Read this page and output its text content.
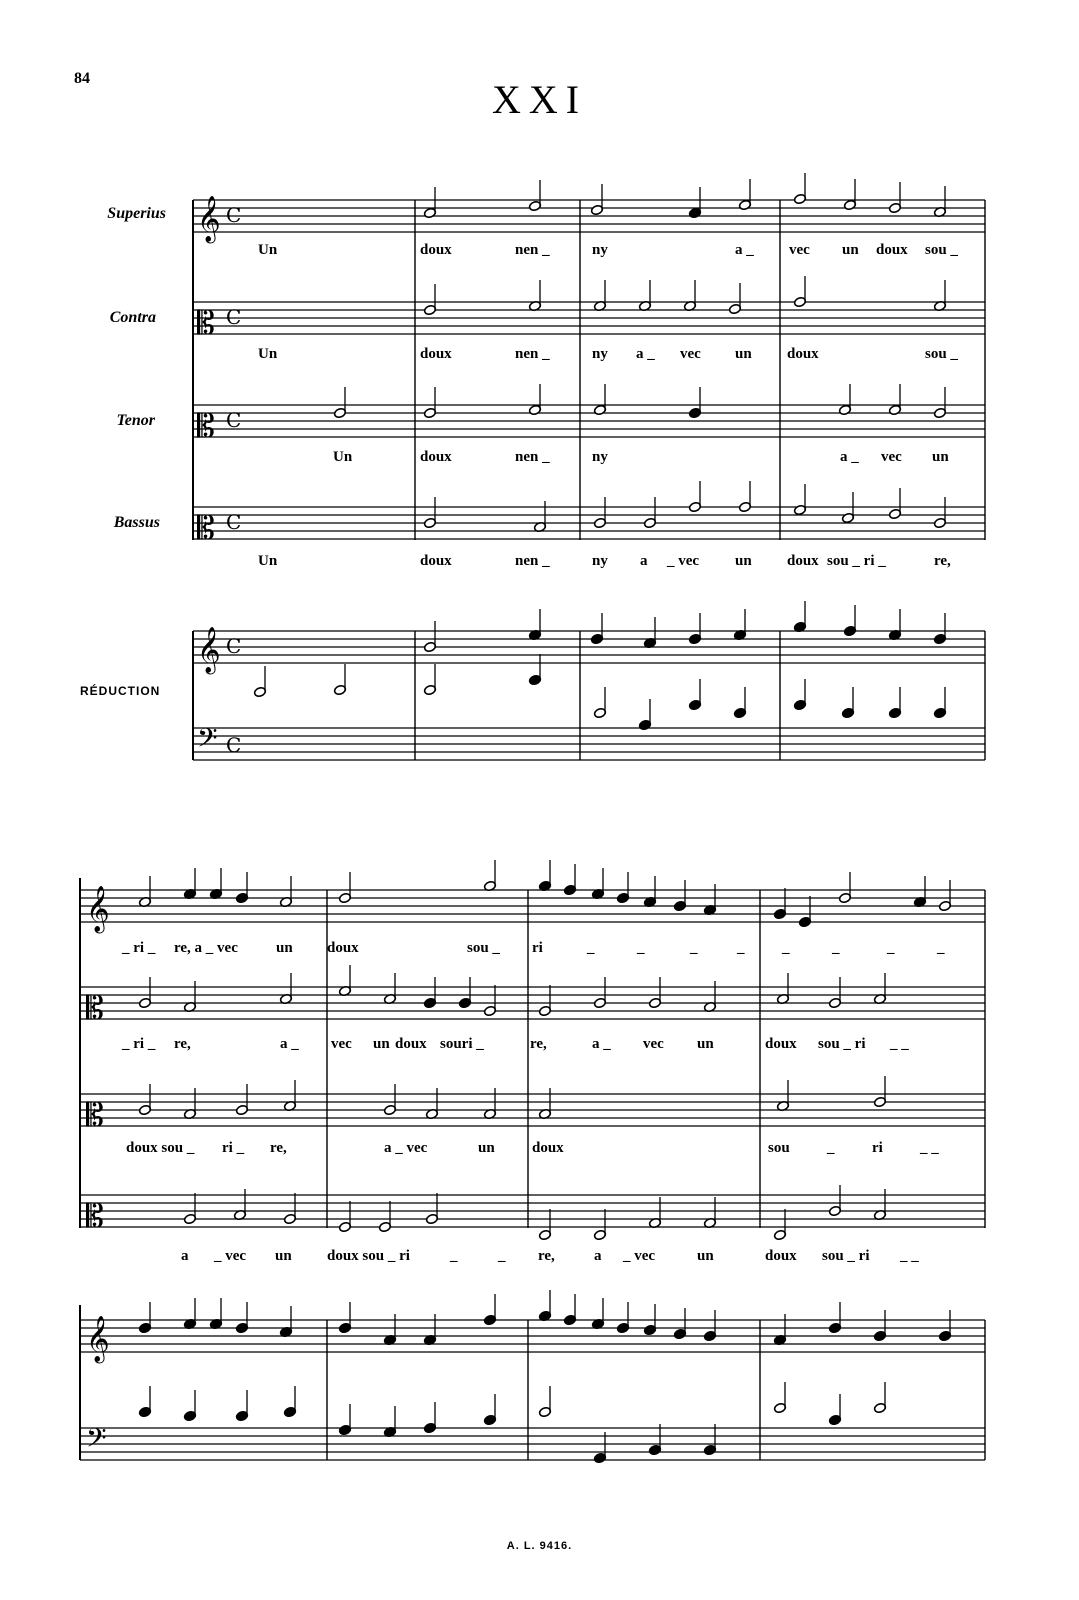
84	XXI
Superius
Contra
Tenor
Bassus
RÉDUCTION
Un	doux	nen _	ny	a _ vec un doux sou _
Un	doux	nen _	ny a _ vec un doux	sou _
Un	doux	nen _	ny	a _ vec un
Un	doux	nen _	ny a _ vec un doux sou _ ri _	re,
_ ri _ re, a _ vec	un doux	sou _ ri	_	_	_	_	_	_	_	_
_ ri _ re,	a _ vec un doux souri _	re,	a _ vec un	doux sou _ ri _ _
doux sou _ ri _ re,	a _ vec	un doux	sou _	ri _ _
a _ vec un doux sou _ ri	_	_ re,	a _ vec	un	doux sou _ ri _ _
A. L. 9416.
𝄞
𝄡
𝄡
𝄡
𝄞
𝄢
C
C
C
C
C
C
𝄞
𝄡
𝄡
𝄡
𝄞
𝄢
